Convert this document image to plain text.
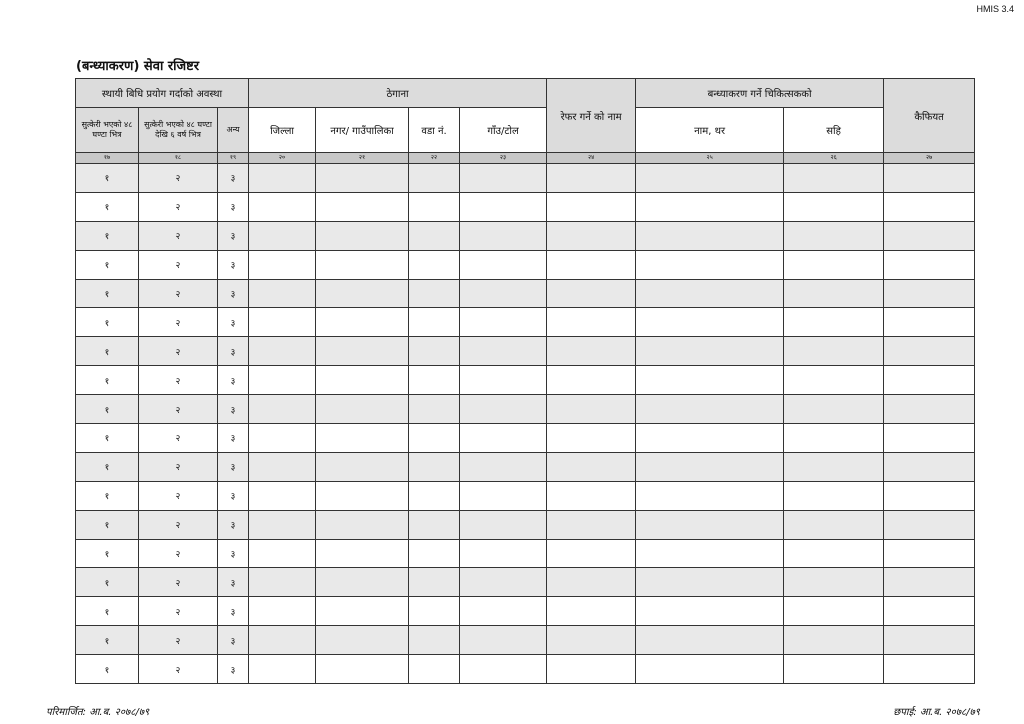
HMIS 3.4
(बन्ध्याकरण) सेवा रजिष्टर
स्थायी बिधि प्रयोग गर्दाको अवस्था			ठेगाना				रेफर गर्ने को नाम	बन्ध्याकरण गर्ने चिकित्सकको		कैफियत
सुत्केरी भएको ४८ घण्टा भित्र	सुत्केरी भएको ४८ घण्टा देखि ६ वर्ष भित्र	अन्य	जिल्ला	नगर/ गाउँपालिका	वडा नं.	गाँउ/टोल		नाम, थर	सहि	
१७	१८	१९	२०	२१	२२	२३	२४	२५	२६	२७
१	२	३								
१	२	३								
१	२	३								
१	२	३								
१	२	३								
१	२	३								
१	२	३								
१	२	३								
१	२	३								
१	२	३								
१	२	३								
१	२	३								
१	२	३								
१	२	३								
१	२	३								
१	२	३								
१	२	३								
१	२	३								
परिमार्जित: आ.ब. २०७८/७९	छपाई: आ.ब. २०७८/७९
